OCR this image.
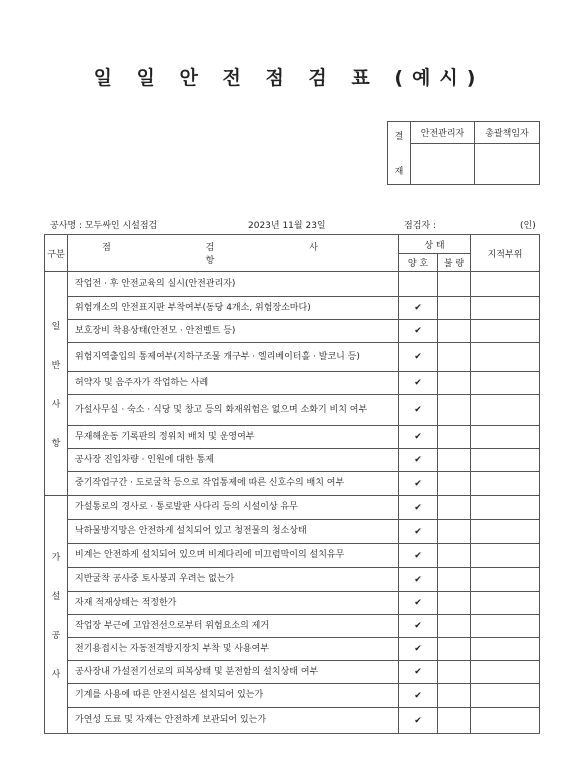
일 일 안 전 점 검 표 (예시)
결
재	안전관리자	총괄책임자

공사명 : 모두싸인 시설점검	2023년 11월 23일	점검자 :	(인)
구분	점 검 사 항	상 태		지적부위
		양 호	불 량	

일
반
사
항	작업전 · 후 안전교육의 실시(안전관리자)			
	위험개소의 안전표지판 부착여부(동당 4개소, 위험장소마다)	✔		
	보호장비 착용상태(안전모 · 안전벨트 등)	✔		
	위험지역출입의 통제여부(지하구조물 개구부 · 엘리베이터홀 · 발코니 등)	✔		
	허약자 및 음주자가 작업하는 사례	✔		
	가설사무실 · 숙소 · 식당 및 창고 등의 화재위험은 없으며 소화기 비치 여부	✔		
	무재해운동 기록판의 정위치 배치 및 운영여부	✔		
	공사장 진입차량 · 인원에 대한 통제	✔		
	중기작업구간 · 도로굴착 등으로 작업통제에 따른 신호수의 배치 여부	✔		

가
설
공
사	가설통로의 경사로 · 통로발판 사다리 등의 시설이상 유무	✔		
	낙하물방지망은 안전하게 설치되어 있고 청전물의 청소상태	✔		
	비계는 안전하게 설치되어 있으며 비계다리에 미끄럼막이의 설치유무	✔		
	지반굴착 공사중 토사붕괴 우려는 없는가	✔		
	자재 적재상태는 적정한가	✔		
	작업장 부근에 고압전선으로부터 위험요소의 제거	✔		
	전기용접시는 자동전격방지장치 부착 및 사용여부	✔		
	공사장내 가설전기선로의 피복상태 및 분전함의 설치상태 여부	✔		
	기계를 사용에 따른 안전시설은 설치되어 있는가	✔		
	가연성 도료 및 자재는 안전하게 보관되어 있는가	✔		
